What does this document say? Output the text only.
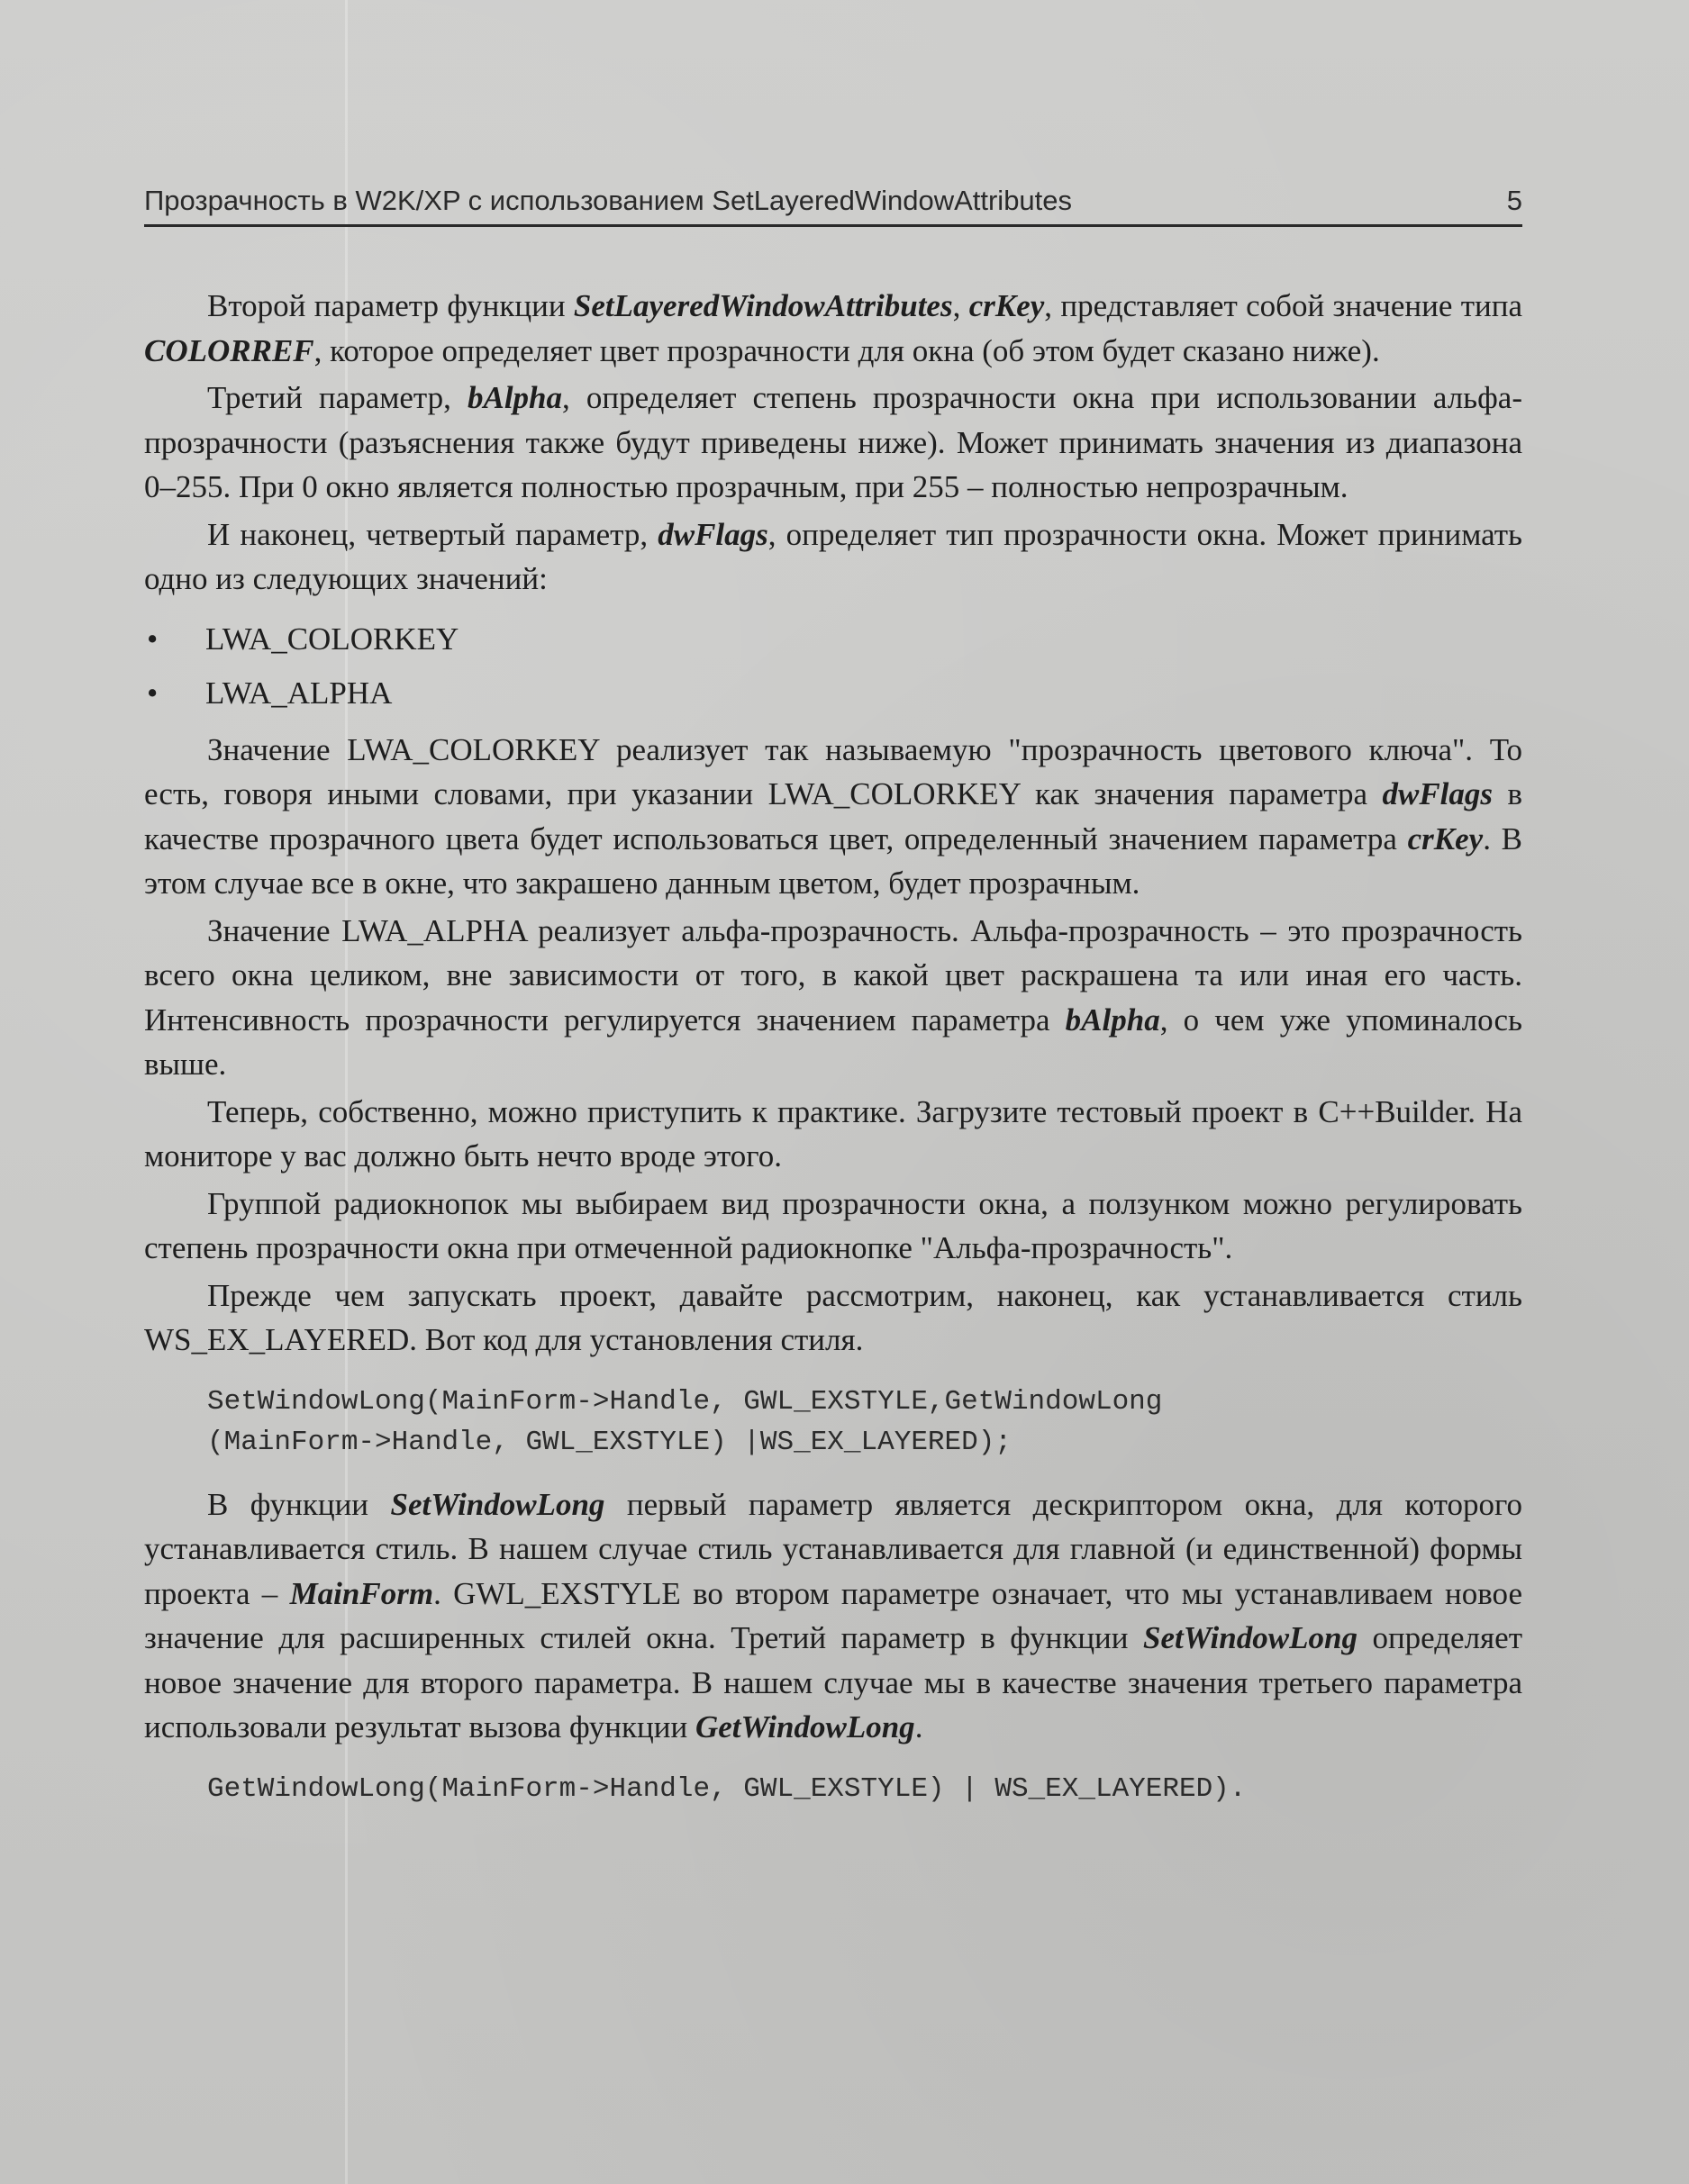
Прозрачность в W2K/XP с использованием SetLayeredWindowAttributes	5

Второй параметр функции SetLayeredWindowAttributes, crKey, представляет собой значение типа COLORREF, которое определяет цвет прозрачности для окна (об этом будет сказано ниже).

Третий параметр, bAlpha, определяет степень прозрачности окна при использовании альфа-прозрачности (разъяснения также будут приведены ниже). Может принимать значения из диапазона 0–255. При 0 окно является полностью прозрачным, при 255 – полностью непрозрачным.

И наконец, четвертый параметр, dwFlags, определяет тип прозрачности окна. Может принимать одно из следующих значений:

• LWA_COLORKEY
• LWA_ALPHA

Значение LWA_COLORKEY реализует так называемую "прозрачность цветового ключа". То есть, говоря иными словами, при указании LWA_COLORKEY как значения параметра dwFlags в качестве прозрачного цвета будет использоваться цвет, определенный значением параметра crKey. В этом случае все в окне, что закрашено данным цветом, будет прозрачным.

Значение LWA_ALPHA реализует альфа-прозрачность. Альфа-прозрачность – это прозрачность всего окна целиком, вне зависимости от того, в какой цвет раскрашена та или иная его часть. Интенсивность прозрачности регулируется значением параметра bAlpha, о чем уже упоминалось выше.

Теперь, собственно, можно приступить к практике. Загрузите тестовый проект в C++Builder. На мониторе у вас должно быть нечто вроде этого.

Группой радиокнопок мы выбираем вид прозрачности окна, а ползунком можно регулировать степень прозрачности окна при отмеченной радиокнопке "Альфа-прозрачность".

Прежде чем запускать проект, давайте рассмотрим, наконец, как устанавливается стиль WS_EX_LAYERED. Вот код для установления стиля.

SetWindowLong(MainForm->Handle, GWL_EXSTYLE,GetWindowLong
(MainForm->Handle, GWL_EXSTYLE) |WS_EX_LAYERED);

В функции SetWindowLong первый параметр является дескриптором окна, для которого устанавливается стиль. В нашем случае стиль устанавливается для главной (и единственной) формы проекта – MainForm. GWL_EXSTYLE во втором параметре означает, что мы устанавливаем новое значение для расширенных стилей окна. Третий параметр в функции SetWindowLong определяет новое значение для второго параметра. В нашем случае мы в качестве значения третьего параметра использовали результат вызова функции GetWindowLong.

GetWindowLong(MainForm->Handle, GWL_EXSTYLE) | WS_EX_LAYERED).
